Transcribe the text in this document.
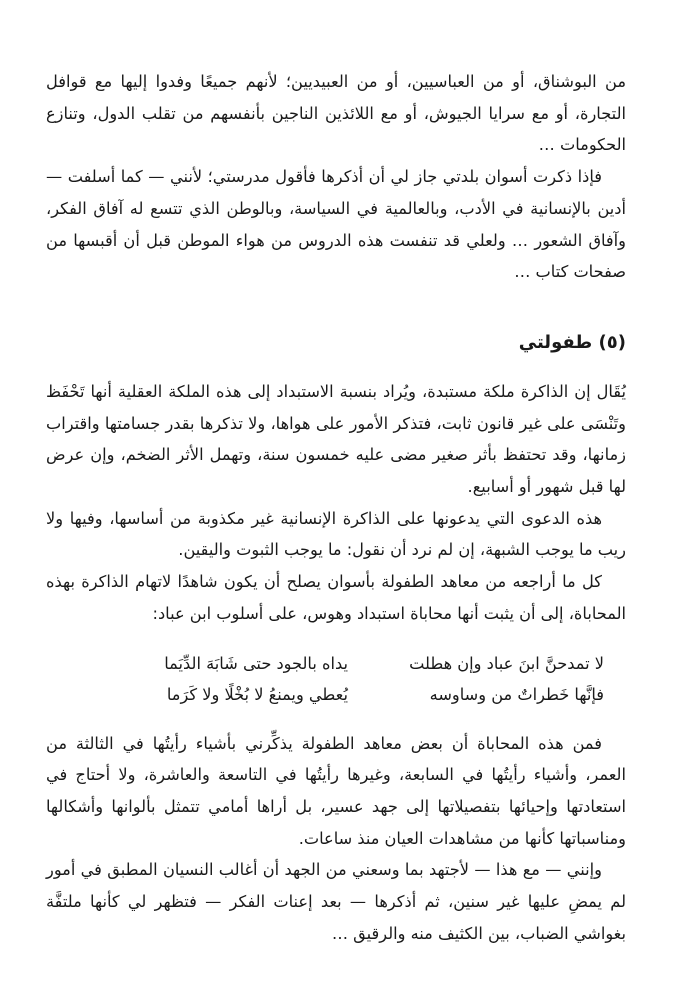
من البوشناق، أو من العباسيين، أو من العبيديين؛ لأنهم جميعًا وفدوا إليها مع قوافل التجارة، أو مع سرايا الجيوش، أو مع اللائذين الناجين بأنفسهم من تقلب الدول، وتنازع الحكومات …

فإذا ذكرت أسوان بلدتي جاز لي أن أذكرها فأقول مدرستي؛ لأنني — كما أسلفت — أدين بالإنسانية في الأدب، وبالعالمية في السياسة، وبالوطن الذي تتسع له آفاق الفكر، وآفاق الشعور … ولعلي قد تنفست هذه الدروس من هواء الموطن قبل أن أقبسها من صفحات كتاب …

(٥) طفولتي

يُقَال إن الذاكرة ملكة مستبدة، ويُراد بنسبة الاستبداد إلى هذه الملكة العقلية أنها تَحْفَظ وتَنْسَى على غير قانون ثابت، فتذكر الأمور على هواها، ولا تذكرها بقدر جسامتها واقتراب زمانها، وقد تحتفظ بأثر صغير مضى عليه خمسون سنة، وتهمل الأثر الضخم، وإن عرض لها قبل شهور أو أسابيع.

هذه الدعوى التي يدعونها على الذاكرة الإنسانية غير مكذوبة من أساسها، وفيها ولا ريب ما يوجب الشبهة، إن لم نرد أن نقول: ما يوجب الثبوت واليقين.

كل ما أراجعه من معاهد الطفولة بأسوان يصلح أن يكون شاهدًا لاتهام الذاكرة بهذه المحاباة، إلى أن يثبت أنها محاباة استبداد وهوس، على أسلوب ابن عباد:

لا تمدحنَّ ابنَ عباد وإن هطلت
يداه بالجود حتى شَابَهَ الدِّيَما
فإنَّها خَطراتٌ من وساوسه
يُعطي ويمنعُ لا بُخْلًا ولا كَرَما

فمن هذه المحاباة أن بعض معاهد الطفولة يذكِّرني بأشياء رأيتُها في الثالثة من العمر، وأشياء رأيتُها في السابعة، وغيرها رأيتُها في التاسعة والعاشرة، ولا أحتاج في استعادتها وإحيائها بتفصيلاتها إلى جهد عسير، بل أراها أمامي تتمثل بألوانها وأشكالها ومناسباتها كأنها من مشاهدات العيان منذ ساعات.

وإنني — مع هذا — لأجتهد بما وسعني من الجهد أن أغالب النسيان المطبق في أمور لم يمضِ عليها غير سنين، ثم أذكرها — بعد إعنات الفكر — فتظهر لي كأنها ملتفَّة بغواشي الضباب، بين الكثيف منه والرقيق …
